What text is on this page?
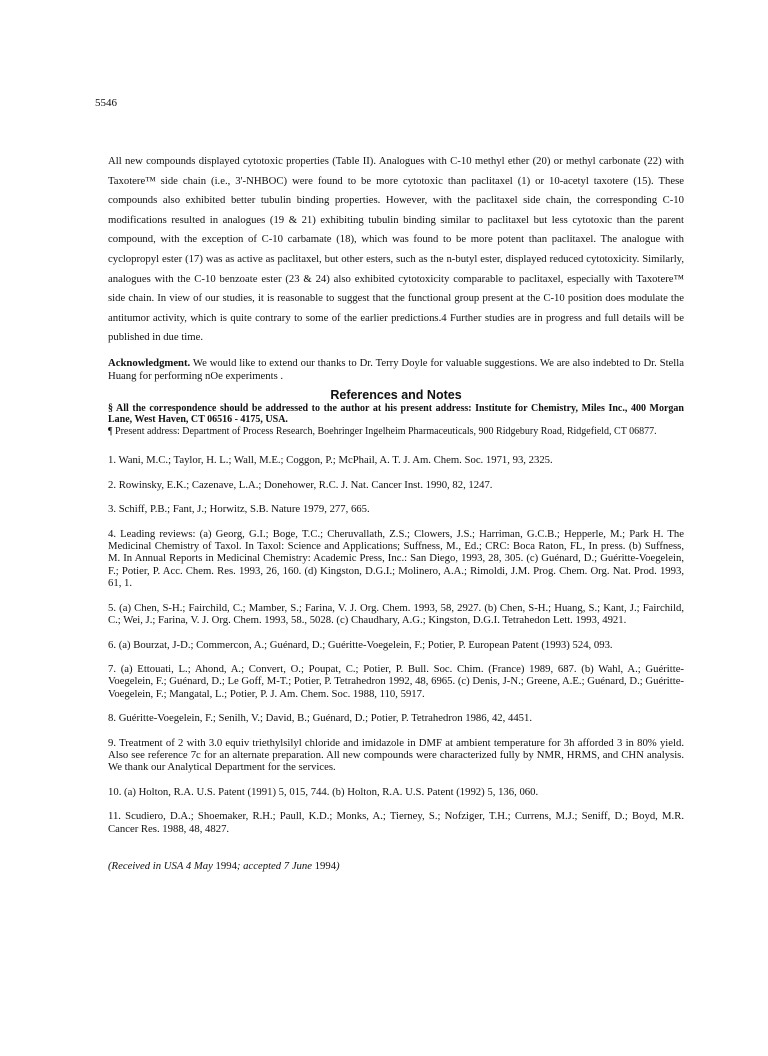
5546

All new compounds displayed cytotoxic properties (Table II). Analogues with C-10 methyl ether (20) or methyl carbonate (22) with Taxotere™ side chain (i.e., 3'-NHBOC) were found to be more cytotoxic than paclitaxel (1) or 10-acetyl taxotere (15). These compounds also exhibited better tubulin binding properties. However, with the paclitaxel side chain, the corresponding C-10 modifications resulted in analogues (19 & 21) exhibiting tubulin binding similar to paclitaxel but less cytotoxic than the parent compound, with the exception of C-10 carbamate (18), which was found to be more potent than paclitaxel. The analogue with cyclopropyl ester (17) was as active as paclitaxel, but other esters, such as the n-butyl ester, displayed reduced cytotoxicity. Similarly, analogues with the C-10 benzoate ester (23 & 24) also exhibited cytotoxicity comparable to paclitaxel, especially with Taxotere™ side chain. In view of our studies, it is reasonable to suggest that the functional group present at the C-10 position does modulate the antitumor activity, which is quite contrary to some of the earlier predictions.4 Further studies are in progress and full details will be published in due time.

Acknowledgment. We would like to extend our thanks to Dr. Terry Doyle for valuable suggestions. We are also indebted to Dr. Stella Huang for performing nOe experiments .

References and Notes

§ All the correspondence should be addressed to the author at his present address: Institute for Chemistry, Miles Inc., 400 Morgan Lane, West Haven, CT 06516 - 4175, USA.

¶ Present address: Department of Process Research, Boehringer Ingelheim Pharmaceuticals, 900 Ridgebury Road, Ridgefield, CT 06877.

1. Wani, M.C.; Taylor, H. L.; Wall, M.E.; Coggon, P.; McPhail, A. T. J. Am. Chem. Soc. 1971, 93, 2325.

2. Rowinsky, E.K.; Cazenave, L.A.; Donehower, R.C. J. Nat. Cancer Inst. 1990, 82, 1247.

3. Schiff, P.B.; Fant, J.; Horwitz, S.B. Nature 1979, 277, 665.

4. Leading reviews: (a) Georg, G.I.; Boge, T.C.; Cheruvallath, Z.S.; Clowers, J.S.; Harriman, G.C.B.; Hepperle, M.; Park H. The Medicinal Chemistry of Taxol. In Taxol: Science and Applications; Suffness, M., Ed.; CRC: Boca Raton, FL, In press. (b) Suffness, M. In Annual Reports in Medicinal Chemistry: Academic Press, Inc.: San Diego, 1993, 28, 305. (c) Guénard, D.; Guéritte-Voegelein, F.; Potier, P. Acc. Chem. Res. 1993, 26, 160. (d) Kingston, D.G.I.; Molinero, A.A.; Rimoldi, J.M. Prog. Chem. Org. Nat. Prod. 1993, 61, 1.

5. (a) Chen, S-H.; Fairchild, C.; Mamber, S.; Farina, V. J. Org. Chem. 1993, 58, 2927. (b) Chen, S-H.; Huang, S.; Kant, J.; Fairchild, C.; Wei, J.; Farina, V. J. Org. Chem. 1993, 58., 5028. (c) Chaudhary, A.G.; Kingston, D.G.I. Tetrahedon Lett. 1993, 4921.

6. (a) Bourzat, J-D.; Commercon, A.; Guénard, D.; Guéritte-Voegelein, F.; Potier, P. European Patent (1993) 524, 093.

7. (a) Ettouati, L.; Ahond, A.; Convert, O.; Poupat, C.; Potier, P. Bull. Soc. Chim. (France) 1989, 687. (b) Wahl, A.; Guéritte-Voegelein, F.; Guénard, D.; Le Goff, M-T.; Potier, P. Tetrahedron 1992, 48, 6965. (c) Denis, J-N.; Greene, A.E.; Guénard, D.; Guéritte-Voegelein, F.; Mangatal, L.; Potier, P. J. Am. Chem. Soc. 1988, 110, 5917.

8. Guéritte-Voegelein, F.; Senilh, V.; David, B.; Guénard, D.; Potier, P. Tetrahedron 1986, 42, 4451.

9. Treatment of 2 with 3.0 equiv triethylsilyl chloride and imidazole in DMF at ambient temperature for 3h afforded 3 in 80% yield. Also see reference 7c for an alternate preparation. All new compounds were characterized fully by NMR, HRMS, and CHN analysis. We thank our Analytical Department for the services.

10. (a) Holton, R.A. U.S. Patent (1991) 5, 015, 744. (b) Holton, R.A. U.S. Patent (1992) 5, 136, 060.

11. Scudiero, D.A.; Shoemaker, R.H.; Paull, K.D.; Monks, A.; Tierney, S.; Nofziger, T.H.; Currens, M.J.; Seniff, D.; Boyd, M.R. Cancer Res. 1988, 48, 4827.

(Received in USA 4 May 1994; accepted 7 June 1994)
